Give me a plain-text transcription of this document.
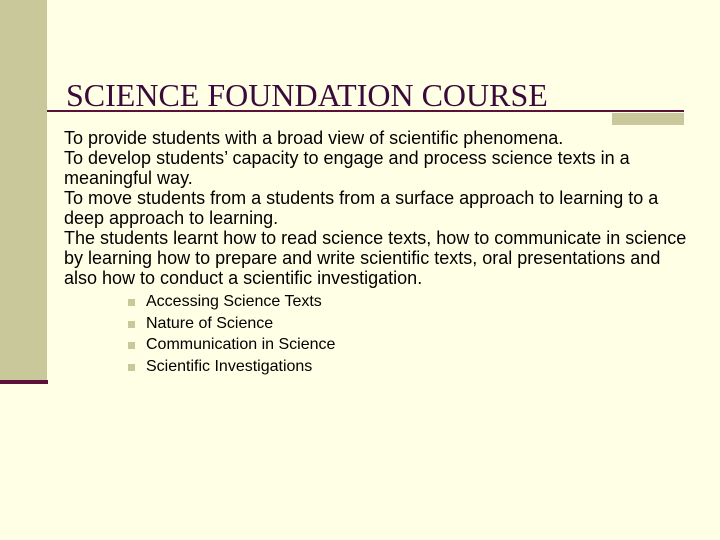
SCIENCE FOUNDATION COURSE
To provide students with a broad view of scientific phenomena.
To develop students’ capacity to engage and process science texts in a meaningful way.
To move students from a students from a surface approach to learning to a deep approach to learning.
The students learnt how to read science texts, how to communicate in science by learning how to prepare and write scientific texts, oral presentations and also how to conduct a scientific investigation.
Accessing Science Texts
Nature of Science
Communication in Science
Scientific Investigations
